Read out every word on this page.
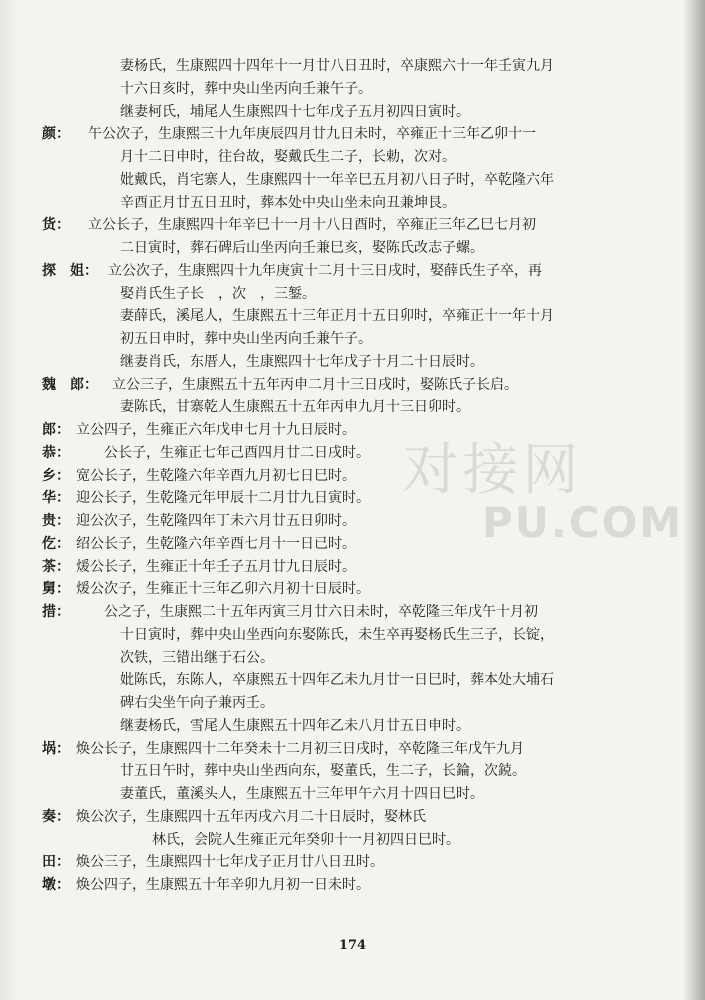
对接网
PU.COM
妻杨氏，生康熙四十四年十一月廿八日丑时，卒康熙六十一年壬寅九月
十六日亥时，葬中央山坐丙向壬兼午子。
继妻柯氏，埔尾人生康熙四十七年戊子五月初四日寅时。
颜： 午公次子，生康熙三十九年庚辰四月廿九日未时，卒雍正十三年乙卯十一
月十二日申时，往台故，娶戴氏生二子，长勅，次对。
妣戴氏，肖宅寨人，生康熙四十一年辛巳五月初八日子时，卒乾隆六年
辛酉正月廿五日丑时，葬本处中央山坐未向丑兼坤艮。
货： 立公长子，生康熙四十年辛巳十一月十八日酉时，卒雍正三年乙巳七月初
二日寅时，葬石碑后山坐丙向壬兼巳亥，娶陈氏改志子螺。
探　姐： 立公次子，生康熙四十九年庚寅十二月十三日戌时，娶薛氏生子卒，再
娶肖氏生子长　，次　，三錾。
妻薛氏，溪尾人，生康熙五十三年正月十五日卯时，卒雍正十一年十月
初五日申时，葬中央山坐丙向壬兼午子。
继妻肖氏，东厝人，生康熙四十七年戊子十月二十日辰时。
魏　郎： 立公三子，生康熙五十五年丙申二月十三日戌时，娶陈氏子长启。
妻陈氏，甘寨乾人生康熙五十五年丙申九月十三日卯时。
郎： 立公四子，生雍正六年戊申七月十九日辰时。
恭： 公长子，生雍正七年己酉四月廿二日戌时。
乡： 宽公长子，生乾隆六年辛酉九月初七日巳时。
华： 迎公长子，生乾隆元年甲辰十二月廿九日寅时。
贵： 迎公次子，生乾隆四年丁未六月廿五日卯时。
仡： 绍公长子，生乾隆六年辛酉七月十一日已时。
茶： 煖公长子，生雍正十年壬子五月廿九日辰时。
舅： 煖公次子，生雍正十三年乙卯六月初十日辰时。
措： 公之子，生康熙二十五年丙寅三月廿六日未时，卒乾隆三年戊午十月初
十日寅时，葬中央山坐西向东娶陈氏，未生卒再娶杨氏生三子，长锭，
次铁，三错出继于石公。
妣陈氏，东陈人，卒康熙五十四年乙未九月廿一日巳时，葬本处大埔石
碑右尖坐午向子兼丙壬。
继妻杨氏，雪尾人生康熙五十四年乙未八月廿五日申时。
埚： 焕公长子，生康熙四十二年癸未十二月初三日戌时，卒乾隆三年戊午九月
廿五日午时，葬中央山坐西向东，娶董氏，生二子，长錀，次鋴。
妻董氏，董溪头人，生康熙五十三年甲午六月十四日巳时。
奏： 焕公次子，生康熙四十五年丙戌六月二十日辰时，娶林氏
林氏，会院人生雍正元年癸卯十一月初四日巳时。
田： 焕公三子，生康熙四十七年戊子正月廿八日丑时。
墩： 焕公四子，生康熙五十年辛卯九月初一日未时。
174
